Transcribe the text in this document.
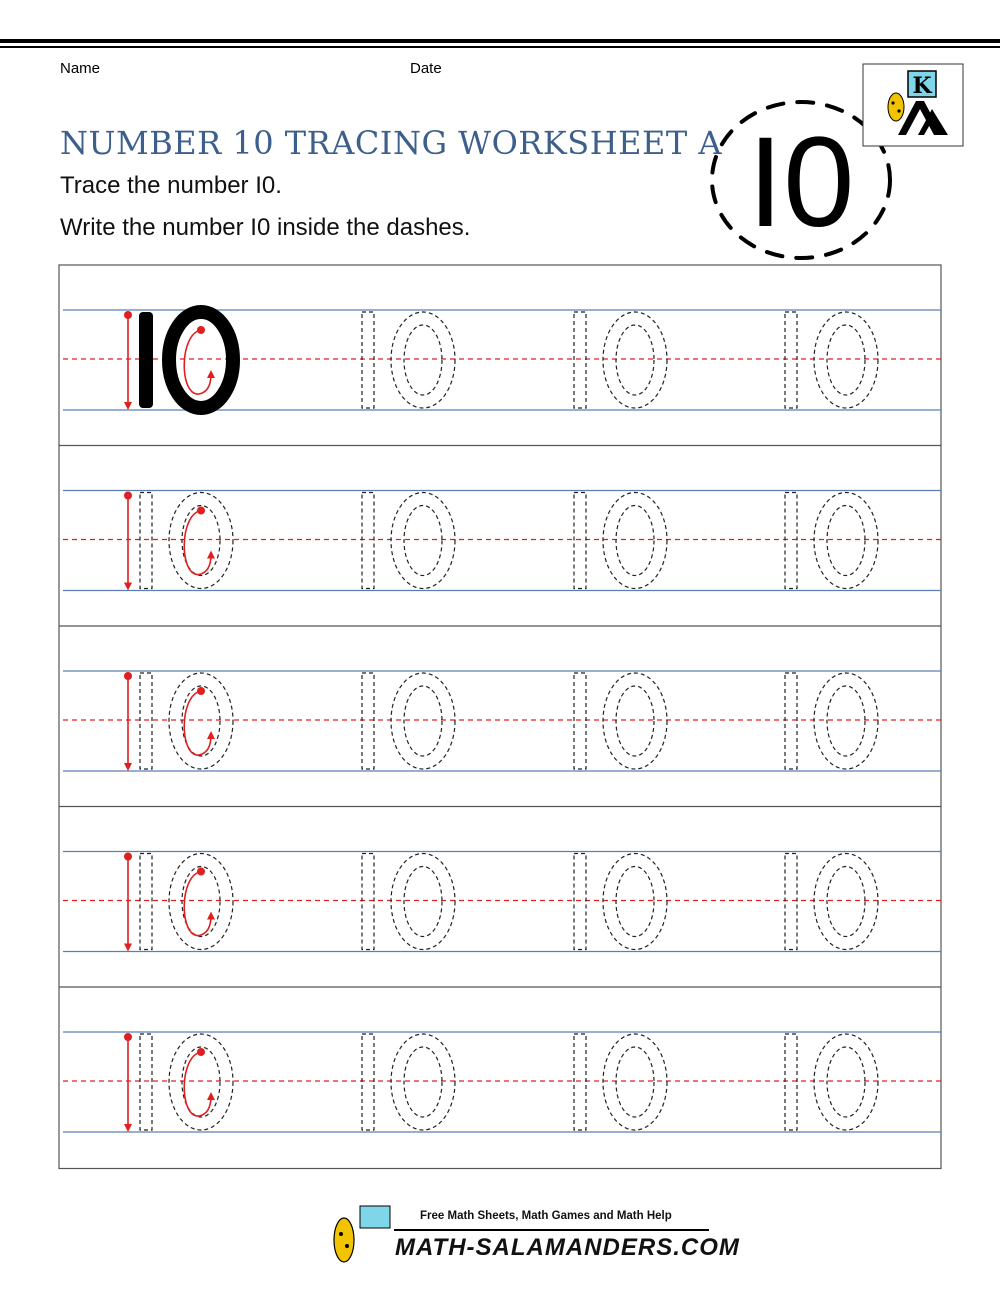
Name	Date
NUMBER 10 TRACING WORKSHEET A
Trace the number I0.
Write the number I0 inside the dashes. I0
K
Free Math Sheets, Math Games and Math Help
MATH-SALAMANDERS.COM
